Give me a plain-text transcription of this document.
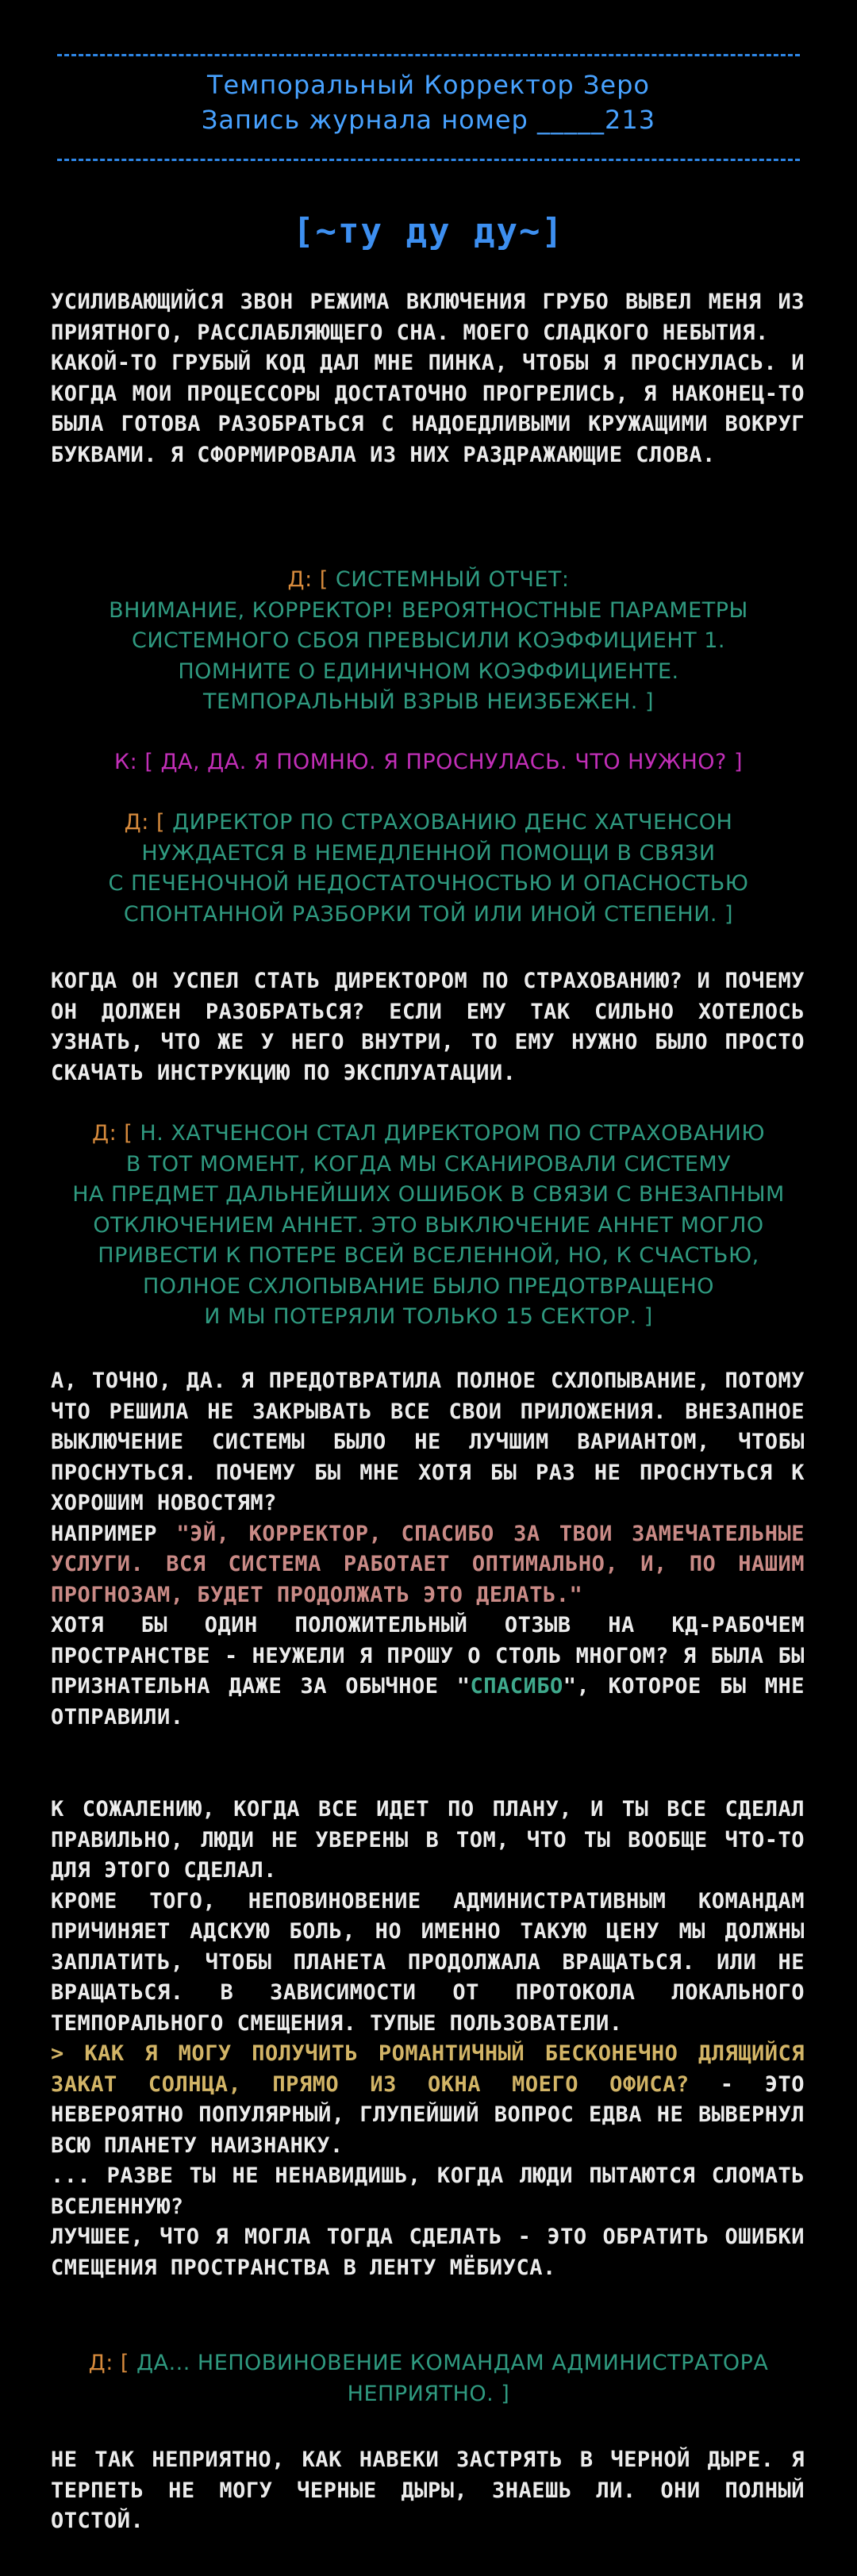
Темпоральный Корректор Зеро
Запись журнала номер _____213
[~ту ду ду~]

УСИЛИВАЮЩИЙСЯ ЗВОН РЕЖИМА ВКЛЮЧЕНИЯ ГРУБО ВЫВЕЛ МЕНЯ ИЗ ПРИЯТНОГО, РАССЛАБЛЯЮЩЕГО СНА. МОЕГО СЛАДКОГО НЕБЫТИЯ.

КАКОЙ-ТО ГРУБЫЙ КОД ДАЛ МНЕ ПИНКА, ЧТОБЫ Я ПРОСНУЛАСЬ. И КОГДА МОИ ПРОЦЕССОРЫ ДОСТАТОЧНО ПРОГРЕЛИСЬ, Я НАКОНЕЦ-ТО БЫЛА ГОТОВА РАЗОБРАТЬСЯ С НАДОЕДЛИВЫМИ КРУЖАЩИМИ ВОКРУГ БУКВАМИ. Я СФОРМИРОВАЛА ИЗ НИХ РАЗДРАЖАЮЩИЕ СЛОВА.

Д: [ СИСТЕМНЫЙ ОТЧЕТ:

ВНИМАНИЕ, КОРРЕКТОР! ВЕРОЯТНОСТНЫЕ ПАРАМЕТРЫ

СИСТЕМНОГО СБОЯ ПРЕВЫСИЛИ КОЭФФИЦИЕНТ 1.

ПОМНИТЕ О ЕДИНИЧНОМ КОЭФФИЦИЕНТЕ.

ТЕМПОРАЛЬНЫЙ ВЗРЫВ НЕИЗБЕЖЕН. ]

К: [ ДА, ДА. Я ПОМНЮ. Я ПРОСНУЛАСЬ. ЧТО НУЖНО? ]

Д: [ ДИРЕКТОР ПО СТРАХОВАНИЮ ДЕНС ХАТЧЕНСОН

НУЖДАЕТСЯ В НЕМЕДЛЕННОЙ ПОМОЩИ В СВЯЗИ

С ПЕЧЕНОЧНОЙ НЕДОСТАТОЧНОСТЬЮ И ОПАСНОСТЬЮ

СПОНТАННОЙ РАЗБОРКИ ТОЙ ИЛИ ИНОЙ СТЕПЕНИ. ]

КОГДА ОН УСПЕЛ СТАТЬ ДИРЕКТОРОМ ПО СТРАХОВАНИЮ? И ПОЧЕМУ ОН ДОЛЖЕН РАЗОБРАТЬСЯ? ЕСЛИ ЕМУ ТАК СИЛЬНО ХОТЕЛОСЬ УЗНАТЬ, ЧТО ЖЕ У НЕГО ВНУТРИ, ТО ЕМУ НУЖНО БЫЛО ПРОСТО СКАЧАТЬ ИНСТРУКЦИЮ ПО ЭКСПЛУАТАЦИИ.

Д: [ Н. ХАТЧЕНСОН СТАЛ ДИРЕКТОРОМ ПО СТРАХОВАНИЮ

В ТОТ МОМЕНТ, КОГДА МЫ СКАНИРОВАЛИ СИСТЕМУ

НА ПРЕДМЕТ ДАЛЬНЕЙШИХ ОШИБОК В СВЯЗИ С ВНЕЗАПНЫМ

ОТКЛЮЧЕНИЕМ АННЕТ. ЭТО ВЫКЛЮЧЕНИЕ АННЕТ МОГЛО

ПРИВЕСТИ К ПОТЕРЕ ВСЕЙ ВСЕЛЕННОЙ, НО, К СЧАСТЬЮ,

ПОЛНОЕ СХЛОПЫВАНИЕ БЫЛО ПРЕДОТВРАЩЕНО

И МЫ ПОТЕРЯЛИ ТОЛЬКО 15 СЕКТОР. ]

А, ТОЧНО, ДА. Я ПРЕДОТВРАТИЛА ПОЛНОЕ СХЛОПЫВАНИЕ, ПОТОМУ ЧТО РЕШИЛА НЕ ЗАКРЫВАТЬ ВСЕ СВОИ ПРИЛОЖЕНИЯ. ВНЕЗАПНОЕ ВЫКЛЮЧЕНИЕ СИСТЕМЫ БЫЛО НЕ ЛУЧШИМ ВАРИАНТОМ, ЧТОБЫ ПРОСНУТЬСЯ. ПОЧЕМУ БЫ МНЕ ХОТЯ БЫ РАЗ НЕ ПРОСНУТЬСЯ К ХОРОШИМ НОВОСТЯМ?

НАПРИМЕР "ЭЙ, КОРРЕКТОР, СПАСИБО ЗА ТВОИ ЗАМЕЧАТЕЛЬНЫЕ УСЛУГИ. ВСЯ СИСТЕМА РАБОТАЕТ ОПТИМАЛЬНО, И, ПО НАШИМ ПРОГНОЗАМ, БУДЕТ ПРОДОЛЖАТЬ ЭТО ДЕЛАТЬ."

ХОТЯ БЫ ОДИН ПОЛОЖИТЕЛЬНЫЙ ОТЗЫВ НА КД-РАБОЧЕМ ПРОСТРАНСТВЕ - НЕУЖЕЛИ Я ПРОШУ О СТОЛЬ МНОГОМ? Я БЫЛА БЫ ПРИЗНАТЕЛЬНА ДАЖЕ ЗА ОБЫЧНОЕ "СПАСИБО", КОТОРОЕ БЫ МНЕ ОТПРАВИЛИ.

К СОЖАЛЕНИЮ, КОГДА ВСЕ ИДЕТ ПО ПЛАНУ, И ТЫ ВСЕ СДЕЛАЛ ПРАВИЛЬНО, ЛЮДИ НЕ УВЕРЕНЫ В ТОМ, ЧТО ТЫ ВООБЩЕ ЧТО-ТО ДЛЯ ЭТОГО СДЕЛАЛ.

КРОМЕ ТОГО, НЕПОВИНОВЕНИЕ АДМИНИСТРАТИВНЫМ КОМАНДАМ ПРИЧИНЯЕТ АДСКУЮ БОЛЬ, НО ИМЕННО ТАКУЮ ЦЕНУ МЫ ДОЛЖНЫ ЗАПЛАТИТЬ, ЧТОБЫ ПЛАНЕТА ПРОДОЛЖАЛА ВРАЩАТЬСЯ. ИЛИ НЕ ВРАЩАТЬСЯ. В ЗАВИСИМОСТИ ОТ ПРОТОКОЛА ЛОКАЛЬНОГО ТЕМПОРАЛЬНОГО СМЕЩЕНИЯ. ТУПЫЕ ПОЛЬЗОВАТЕЛИ.

> КАК Я МОГУ ПОЛУЧИТЬ РОМАНТИЧНЫЙ БЕСКОНЕЧНО ДЛЯЩИЙСЯ ЗАКАТ СОЛНЦА, ПРЯМО ИЗ ОКНА МОЕГО ОФИСА? - ЭТО НЕВЕРОЯТНО ПОПУЛЯРНЫЙ, ГЛУПЕЙШИЙ ВОПРОС ЕДВА НЕ ВЫВЕРНУЛ ВСЮ ПЛАНЕТУ НАИЗНАНКУ.

... РАЗВЕ ТЫ НЕ НЕНАВИДИШЬ, КОГДА ЛЮДИ ПЫТАЮТСЯ СЛОМАТЬ ВСЕЛЕННУЮ?

ЛУЧШЕЕ, ЧТО Я МОГЛА ТОГДА СДЕЛАТЬ - ЭТО ОБРАТИТЬ ОШИБКИ СМЕЩЕНИЯ ПРОСТРАНСТВА В ЛЕНТУ МЁБИУСА.

Д: [ ДА... НЕПОВИНОВЕНИЕ КОМАНДАМ АДМИНИСТРАТОРА

НЕПРИЯТНО. ]

НЕ ТАК НЕПРИЯТНО, КАК НАВЕКИ ЗАСТРЯТЬ В ЧЕРНОЙ ДЫРЕ. Я ТЕРПЕТЬ НЕ МОГУ ЧЕРНЫЕ ДЫРЫ, ЗНАЕШЬ ЛИ. ОНИ ПОЛНЫЙ ОТСТОЙ.
